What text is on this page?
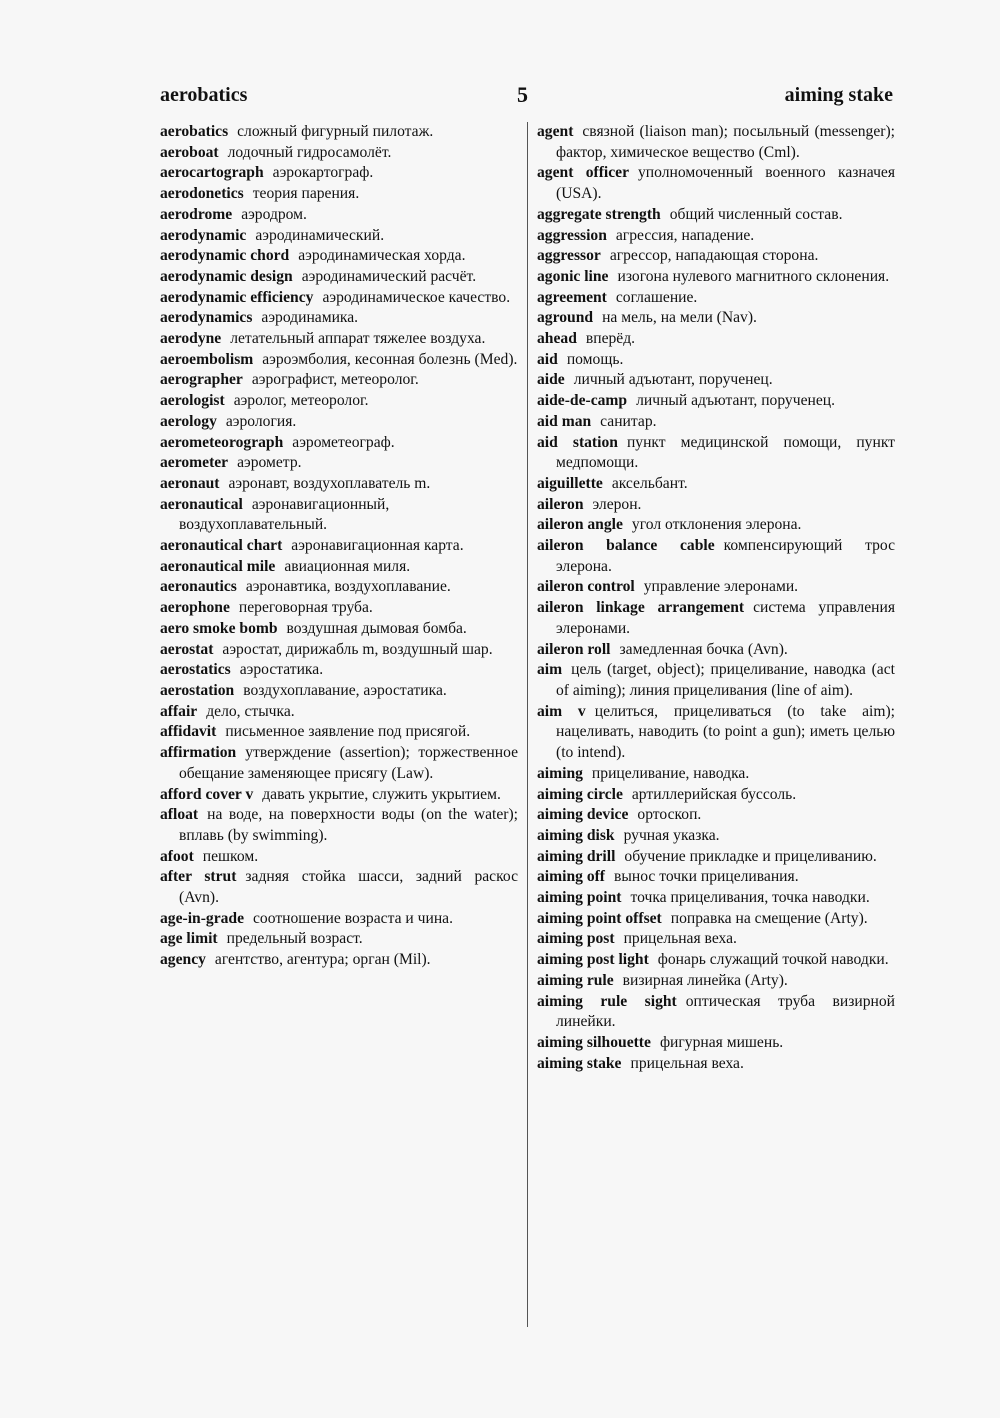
aerobatics	5	aiming stake
aerobatics сложный фигурный пилотаж.
aeroboat лодочный гидросамолёт.
aerocartograph аэрокартограф.
aerodonetics теория парения.
aerodrome аэродром.
aerodynamic аэродинамический.
aerodynamic chord аэродинамическая хорда.
aerodynamic design аэродинамический расчёт.
aerodynamic efficiency аэродинамическое качество.
aerodynamics аэродинамика.
aerodyne летательный аппарат тяжелее воздуха.
aeroembolism аэроэмболия, кесонная болезнь (Med).
aerographer аэрографист, метеоролог.
aerologist аэролог, метеоролог.
aerology аэрология.
aerometeorograph аэрометеограф.
aerometer аэрометр.
aeronaut аэронавт, воздухоплаватель m.
aeronautical аэронавигационный, воздухоплавательный.
aeronautical chart аэронавигационная карта.
aeronautical mile авиационная миля.
aeronautics аэронавтика, воздухоплавание.
aerophone переговорная труба.
aero smoke bomb воздушная дымовая бомба.
aerostat аэростат, дирижабль m, воздушный шар.
aerostatics аэростатика.
aerostation воздухоплавание, аэростатика.
affair дело, стычка.
affidavit письменное заявление под присягой.
affirmation утверждение (assertion); торжественное обещание заменяющее присягу (Law).
afford cover v давать укрытие, служить укрытием.
afloat на воде, на поверхности воды (on the water); вплавь (by swimming).
afoot пешком.
after strut задняя стойка шасси, задний раскос (Avn).
age-in-grade соотношение возраста и чина.
age limit предельный возраст.
agency агентство, агентура; орган (Mil).
agent связной (liaison man); посыльный (messenger); фактор, химическое вещество (Cml).
agent officer уполномоченный военного казначея (USA).
aggregate strength общий численный состав.
aggression агрессия, нападение.
aggressor агрессор, нападающая сторона.
agonic line изогона нулевого магнитного склонения.
agreement соглашение.
aground на мель, на мели (Nav).
ahead вперёд.
aid помощь.
aide личный адъютант, порученец.
aide-de-camp личный адъютант, порученец.
aid man санитар.
aid station пункт медицинской помощи, пункт медпомощи.
aiguillette аксельбант.
aileron элерон.
aileron angle угол отклонения элерона.
aileron balance cable компенсирующий трос элерона.
aileron control управление элеронами.
aileron linkage arrangement система управления элеронами.
aileron roll замедленная бочка (Avn).
aim цель (target, object); прицеливание, наводка (act of aiming); линия прицеливания (line of aim).
aim v целиться, прицеливаться (to take aim); нацеливать, наводить (to point a gun); иметь целью (to intend).
aiming прицеливание, наводка.
aiming circle артиллерийская буссоль.
aiming device ортоскоп.
aiming disk ручная указка.
aiming drill обучение прикладке и прицеливанию.
aiming off вынос точки прицеливания.
aiming point точка прицеливания, точка наводки.
aiming point offset поправка на смещение (Arty).
aiming post прицельная веха.
aiming post light фонарь служащий точкой наводки.
aiming rule визирная линейка (Arty).
aiming rule sight оптическая труба визирной линейки.
aiming silhouette фигурная мишень.
aiming stake прицельная веха.
